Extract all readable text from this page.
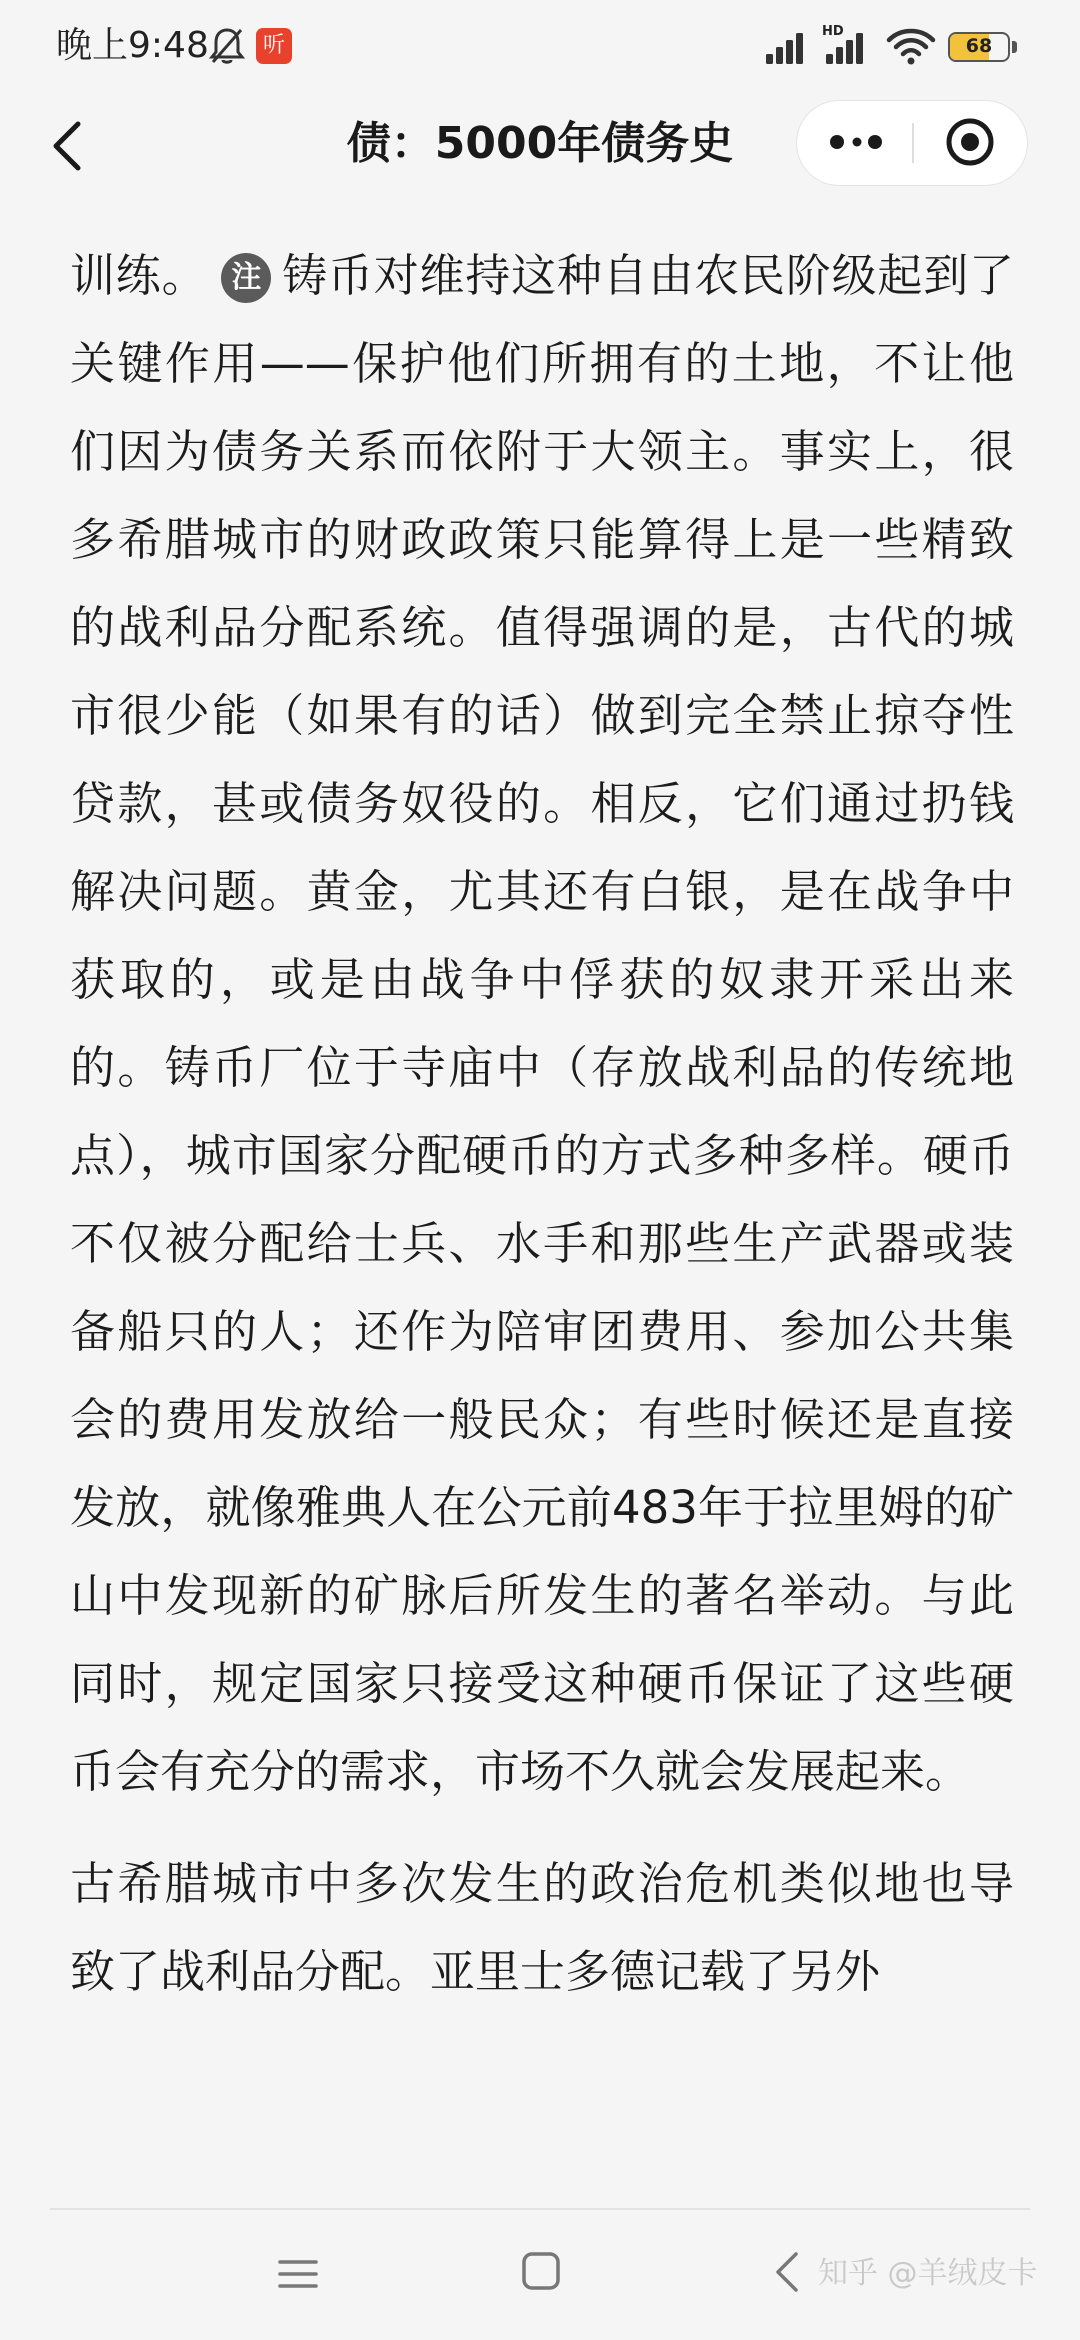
晚上9:48	听
HD
68
债：5000年债务史

训练。 注 铸币对维持这种自由农民阶级起到了关键作用——保护他们所拥有的土地，不让他们因为债务关系而依附于大领主。事实上，很多希腊城市的财政政策只能算得上是一些精致的战利品分配系统。值得强调的是，古代的城市很少能（如果有的话）做到完全禁止掠夺性贷款，甚或债务奴役的。相反，它们通过扔钱解决问题。黄金，尤其还有白银，是在战争中获取的，或是由战争中俘获的奴隶开采出来的。铸币厂位于寺庙中（存放战利品的传统地点），城市国家分配硬币的方式多种多样。硬币不仅被分配给士兵、水手和那些生产武器或装备船只的人；还作为陪审团费用、参加公共集会的费用发放给一般民众；有些时候还是直接发放，就像雅典人在公元前483年于拉里姆的矿山中发现新的矿脉后所发生的著名举动。与此同时，规定国家只接受这种硬币保证了这些硬币会有充分的需求，市场不久就会发展起来。

古希腊城市中多次发生的政治危机类似地也导致了战利品分配。亚里士多德记载了另外

知乎 @羊绒皮卡
